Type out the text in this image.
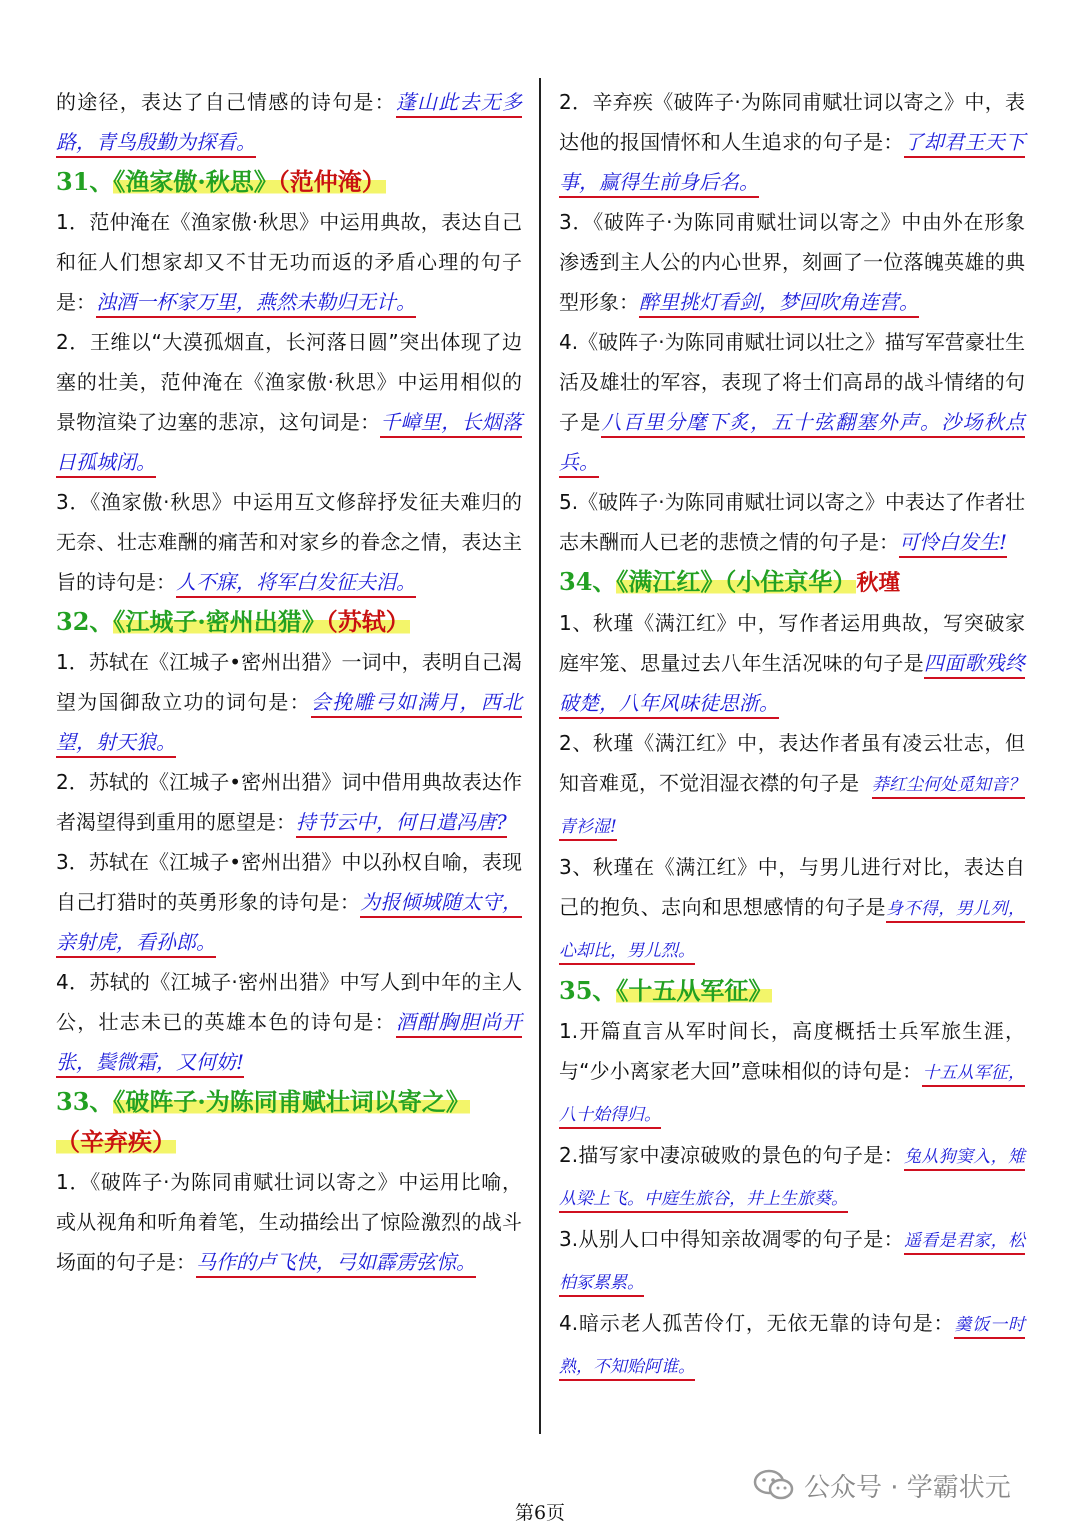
的途径，表达了自己情感的诗句是：蓬山此去无多路，青鸟殷勤为探看。

31、《渔家傲·秋思》（范仲淹）

1．范仲淹在《渔家傲·秋思》中运用典故，表达自己和征人们想家却又不甘无功而返的矛盾心理的句子是：浊酒一杯家万里，燕然未勒归无计。

2．王维以“大漠孤烟直，长河落日圆”突出体现了边塞的壮美，范仲淹在《渔家傲·秋思》中运用相似的景物渲染了边塞的悲凉，这句词是：千嶂里，长烟落日孤城闭。

3．《渔家傲·秋思》中运用互文修辞抒发征夫难归的无奈、壮志难酬的痛苦和对家乡的眷念之情，表达主旨的诗句是：人不寐，将军白发征夫泪。

32、《江城子·密州出猎》（苏轼）

1．苏轼在《江城子•密州出猎》一词中，表明自己渴望为国御敌立功的词句是：会挽雕弓如满月，西北望，射天狼。

2．苏轼的《江城子•密州出猎》词中借用典故表达作者渴望得到重用的愿望是：持节云中，何日遣冯唐?

3．苏轼在《江城子•密州出猎》中以孙权自喻，表现自己打猎时的英勇形象的诗句是：为报倾城随太守，亲射虎，看孙郎。

4．苏轼的《江城子·密州出猎》中写人到中年的主人公，壮志未已的英雄本色的诗句是：酒酣胸胆尚开张，鬓微霜，又何妨!

33、《破阵子·为陈同甫赋壮词以寄之》
（辛弃疾）

1．《破阵子·为陈同甫赋壮词以寄之》中运用比喻，或从视角和听角着笔，生动描绘出了惊险激烈的战斗场面的句子是：马作的卢飞快，弓如霹雳弦惊。

2．辛弃疾《破阵子·为陈同甫赋壮词以寄之》中，表达他的报国情怀和人生追求的句子是：了却君王天下事，赢得生前身后名。

3．《破阵子·为陈同甫赋壮词以寄之》中由外在形象渗透到主人公的内心世界，刻画了一位落魄英雄的典型形象：醉里挑灯看剑，梦回吹角连营。

4.《破阵子·为陈同甫赋壮词以壮之》描写军营豪壮生活及雄壮的军容，表现了将士们高昂的战斗情绪的句子是八百里分麾下炙，五十弦翻塞外声。沙场秋点兵。

5.《破阵子·为陈同甫赋壮词以寄之》中表达了作者壮志未酬而人已老的悲愤之情的句子是：可怜白发生!

34、《满江红》（小住京华）秋瑾

1、秋瑾《满江红》中，写作者运用典故，写突破家庭牢笼、思量过去八年生活况味的句子是四面歌残终破楚，八年风味徒思浙。

2、秋瑾《满江红》中，表达作者虽有凌云壮志，但知音难觅，不觉泪湿衣襟的句子是 莽红尘何处觅知音？青衫湿!

3、秋瑾在《满江红》中，与男儿进行对比，表达自己的抱负、志向和思想感情的句子是身不得，男儿列，心却比，男儿烈。

35、《十五从军征》

1.开篇直言从军时间长，高度概括士兵军旅生涯，与“少小离家老大回”意味相似的诗句是：十五从军征，八十始得归。

2.描写家中凄凉破败的景色的句子是：兔从狗窦入，雉从梁上飞。中庭生旅谷，井上生旅葵。

3.从别人口中得知亲故凋零的句子是：遥看是君家，松柏冢累累。

4.暗示老人孤苦伶仃，无依无靠的诗句是：羹饭一时熟，不知贻阿谁。

公众号 · 学霸状元
第6页
